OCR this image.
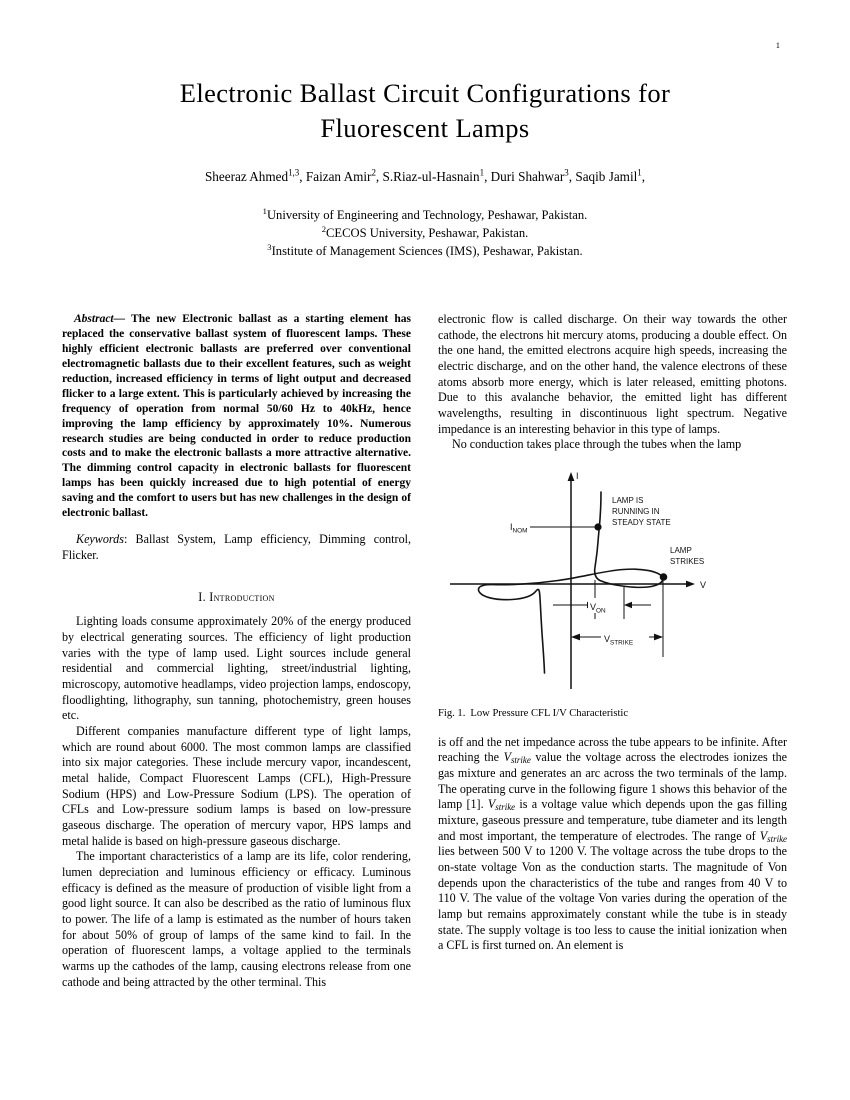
1
Electronic Ballast Circuit Configurations for
Fluorescent Lamps
Sheeraz Ahmed$^{1,3}$, Faizan Amir$^2$, S.Riaz-ul-Hasnain$^1$, Duri Shahwar$^3$, Saqib Jamil$^1$,
$^1$University of Engineering and Technology, Peshawar, Pakistan.
$^2$CECOS University, Peshawar, Pakistan.
$^3$Institute of Management Sciences (IMS), Peshawar, Pakistan.

Abstract— The new Electronic ballast as a starting element has replaced the conservative ballast system of fluorescent lamps. These highly efficient electronic ballasts are preferred over conventional electromagnetic ballasts due to their excellent features, such as weight reduction, increased efficiency in terms of light output and decreased flicker to a large extent. This is particularly achieved by increasing the frequency of operation from normal 50/60 Hz to 40kHz, hence improving the lamp efficiency by approximately 10%. Numerous research studies are being conducted in order to reduce production costs and to make the electronic ballasts a more attractive alternative. The dimming control capacity in electronic ballasts for fluorescent lamps has been quickly increased due to high potential of energy saving and the comfort to users but has new challenges in the design of electronic ballast.

Keywords: Ballast System, Lamp efficiency, Dimming control, Flicker.

I. Introduction

Lighting loads consume approximately 20% of the energy produced by electrical generating sources. The efficiency of light production varies with the type of lamp used. Light sources include general residential and commercial lighting, street/industrial lighting, microscopy, automotive headlamps, video projection lamps, endoscopy, floodlighting, lithography, sun tanning, photochemistry, green houses etc.

Different companies manufacture different type of light lamps, which are round about 6000. The most common lamps are classified into six major categories. These include mercury vapor, incandescent, metal halide, Compact Fluorescent Lamps (CFL), High-Pressure Sodium (HPS) and Low-Pressure Sodium (LPS). The operation of CFLs and Low-pressure sodium lamps is based on low-pressure gaseous discharge. The operation of mercury vapor, HPS lamps and metal halide is based on high-pressure gaseous discharge.

The important characteristics of a lamp are its life, color rendering, lumen depreciation and luminous efficiency or efficacy. Luminous efficacy is defined as the measure of production of visible light from a good light source. It can also be described as the ratio of luminous flux to power. The life of a lamp is estimated as the number of hours taken for about 50% of group of lamps of the same kind to fail. In the operation of fluorescent lamps, a voltage applied to the terminals warms up the cathodes of the lamp, causing electrons release from one cathode and being attracted by the other terminal. This

electronic flow is called discharge. On their way towards the other cathode, the electrons hit mercury atoms, producing a double effect. On the one hand, the emitted electrons acquire high speeds, increasing the electric discharge, and on the other hand, the valence electrons of these atoms absorb more energy, which is later released, emitting photons. Due to this avalanche behavior, the emitted light has different wavelengths, resulting in discontinuous light spectrum. Negative impedance is an interesting behavior in this type of lamps.

No conduction takes place through the tubes when the lamp

I
V
$I_{NOM}$
$V_{ON}$
$V_{STRIKE}$
LAMP IS RUNNING IN STEADY STATE
LAMP STRIKES
Fig. 1. Low Pressure CFL I/V Characteristic

is off and the net impedance across the tube appears to be infinite. After reaching the $V_{strike}$ value the voltage across the electrodes ionizes the gas mixture and generates an arc across the two terminals of the lamp. The operating curve in the following figure 1 shows this behavior of the lamp [1]. $V_{strike}$ is a voltage value which depends upon the gas filling mixture, gaseous pressure and temperature, tube diameter and its length and most important, the temperature of electrodes. The range of $V_{strike}$ lies between 500 V to 1200 V. The voltage across the tube drops to the on-state voltage Von as the conduction starts. The magnitude of Von depends upon the characteristics of the tube and ranges from 40 V to 110 V. The value of the voltage Von varies during the operation of the lamp but remains approximately constant while the tube is in steady state. The supply voltage is too less to cause the initial ionization when a CFL is first turned on. An element is
